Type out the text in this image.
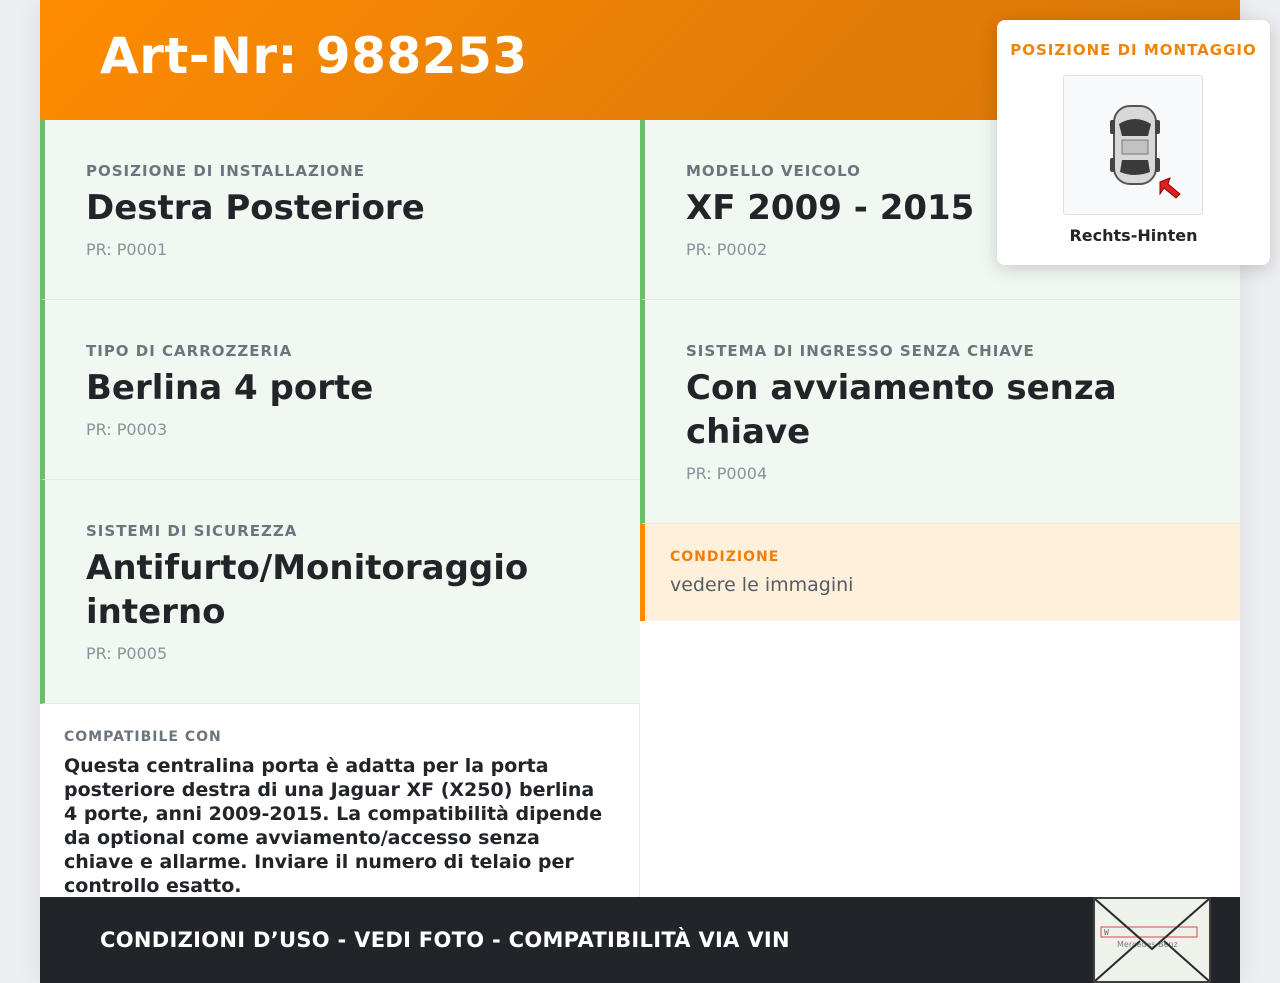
Art-Nr: 988253
POSIZIONE DI INSTALLAZIONE
Destra Posteriore
PR: P0001
MODELLO VEICOLO
XF 2009 - 2015
PR: P0002
TIPO DI CARROZZERIA
Berlina 4 porte
PR: P0003
SISTEMA DI INGRESSO SENZA CHIAVE
Con avviamento senza chiave
PR: P0004
SISTEMI DI SICUREZZA
Antifurto/Monitoraggio interno
PR: P0005
CONDIZIONE
vedere le immagini
COMPATIBILE CON
Questa centralina porta è adatta per la porta posteriore destra di una Jaguar XF (X250) berlina 4 porte, anni 2009-2015. La compatibilità dipende da optional come avviamento/accesso senza chiave e allarme. Inviare il numero di telaio per controllo esatto.
CONDIZIONI D’USO - VEDI FOTO - COMPATIBILITÀ VIA VIN	W
Mercedes-Benz
POSIZIONE DI MONTAGGIO
Rechts-Hinten
